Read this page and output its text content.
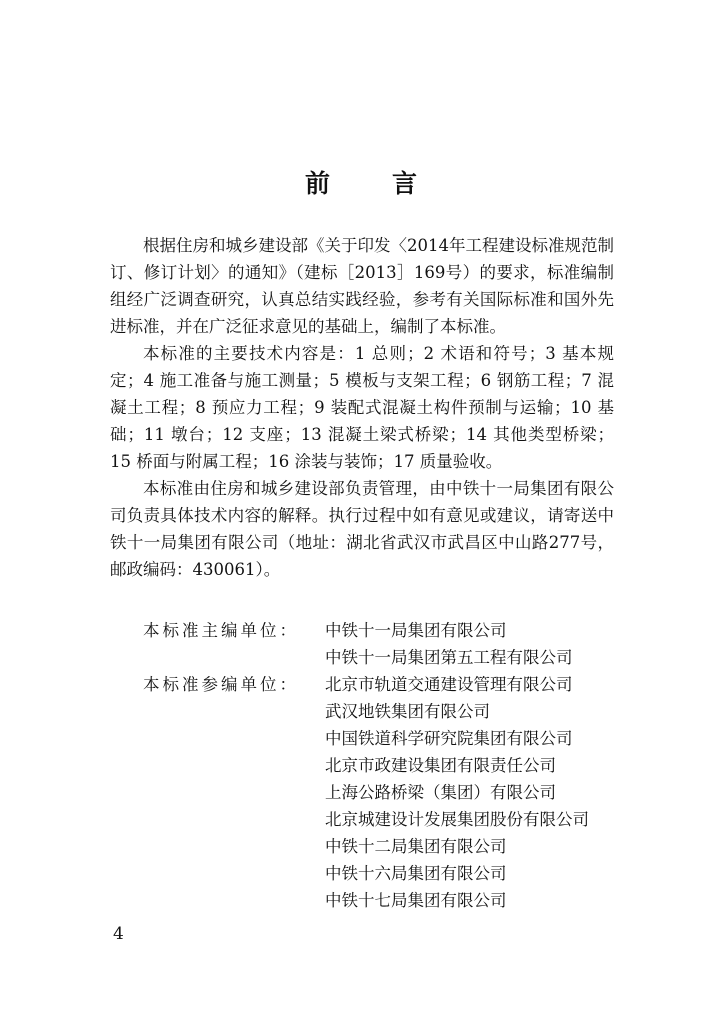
前 言

根据住房和城乡建设部《关于印发〈2014年工程建设标准规范制订、修订计划〉的通知》（建标［2013］169号）的要求，标准编制组经广泛调查研究，认真总结实践经验，参考有关国际标准和国外先进标准，并在广泛征求意见的基础上，编制了本标准。

本标准的主要技术内容是：1 总则；2 术语和符号；3 基本规定；4 施工准备与施工测量；5 模板与支架工程；6 钢筋工程；7 混凝土工程；8 预应力工程；9 装配式混凝土构件预制与运输；10 基础；11 墩台；12 支座；13 混凝土梁式桥梁；14 其他类型桥梁；15 桥面与附属工程；16 涂装与装饰；17 质量验收。

本标准由住房和城乡建设部负责管理，由中铁十一局集团有限公司负责具体技术内容的解释。执行过程中如有意见或建议，请寄送中铁十一局集团有限公司（地址：湖北省武汉市武昌区中山路277号，邮政编码：430061）。

本标准主编单位：	中铁十一局集团有限公司
中铁十一局集团第五工程有限公司
本标准参编单位：	北京市轨道交通建设管理有限公司
武汉地铁集团有限公司
中国铁道科学研究院集团有限公司
北京市政建设集团有限责任公司
上海公路桥梁（集团）有限公司
北京城建设计发展集团股份有限公司
中铁十二局集团有限公司
中铁十六局集团有限公司
中铁十七局集团有限公司
4
